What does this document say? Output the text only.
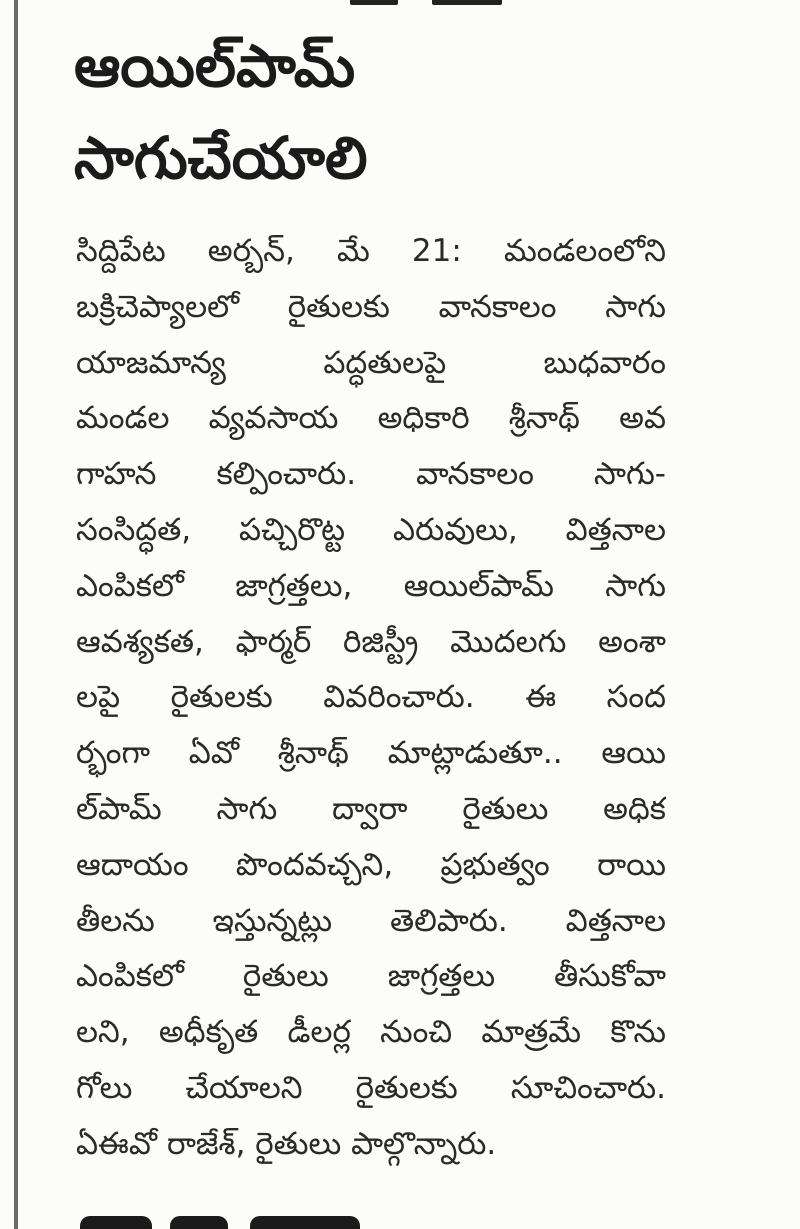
ఆయిల్‌పామ్
సాగుచేయాలి
సిద్దిపేట అర్బన్, మే 21: మండలంలోని
బక్రిచెప్యాలలో రైతులకు వానకాలం సాగు
యాజమాన్య పద్ధతులపై బుధవారం
మండల వ్యవసాయ అధికారి శ్రీనాథ్ అవ
గాహన కల్పించారు. వానకాలం సాగు-
సంసిద్ధత, పచ్చిరొట్ట ఎరువులు, విత్తనాల
ఎంపికలో జాగ్రత్తలు, ఆయిల్‌పామ్ సాగు
ఆవశ్యకత, ఫార్మర్ రిజిస్ట్రీ మొదలగు అంశా
లపై రైతులకు వివరించారు. ఈ సంద
ర్భంగా ఏవో శ్రీనాథ్ మాట్లాడుతూ.. ఆయి
ల్‌పామ్ సాగు ద్వారా రైతులు అధిక
ఆదాయం పొందవచ్చని, ప్రభుత్వం రాయి
తీలను ఇస్తున్నట్లు తెలిపారు. విత్తనాల
ఎంపికలో రైతులు జాగ్రత్తలు తీసుకోవా
లని, అధీకృత డీలర్ల నుంచి మాత్రమే కొను
గోలు చేయాలని రైతులకు సూచించారు.
ఏఈవో రాజేశ్, రైతులు పాల్గొన్నారు.
